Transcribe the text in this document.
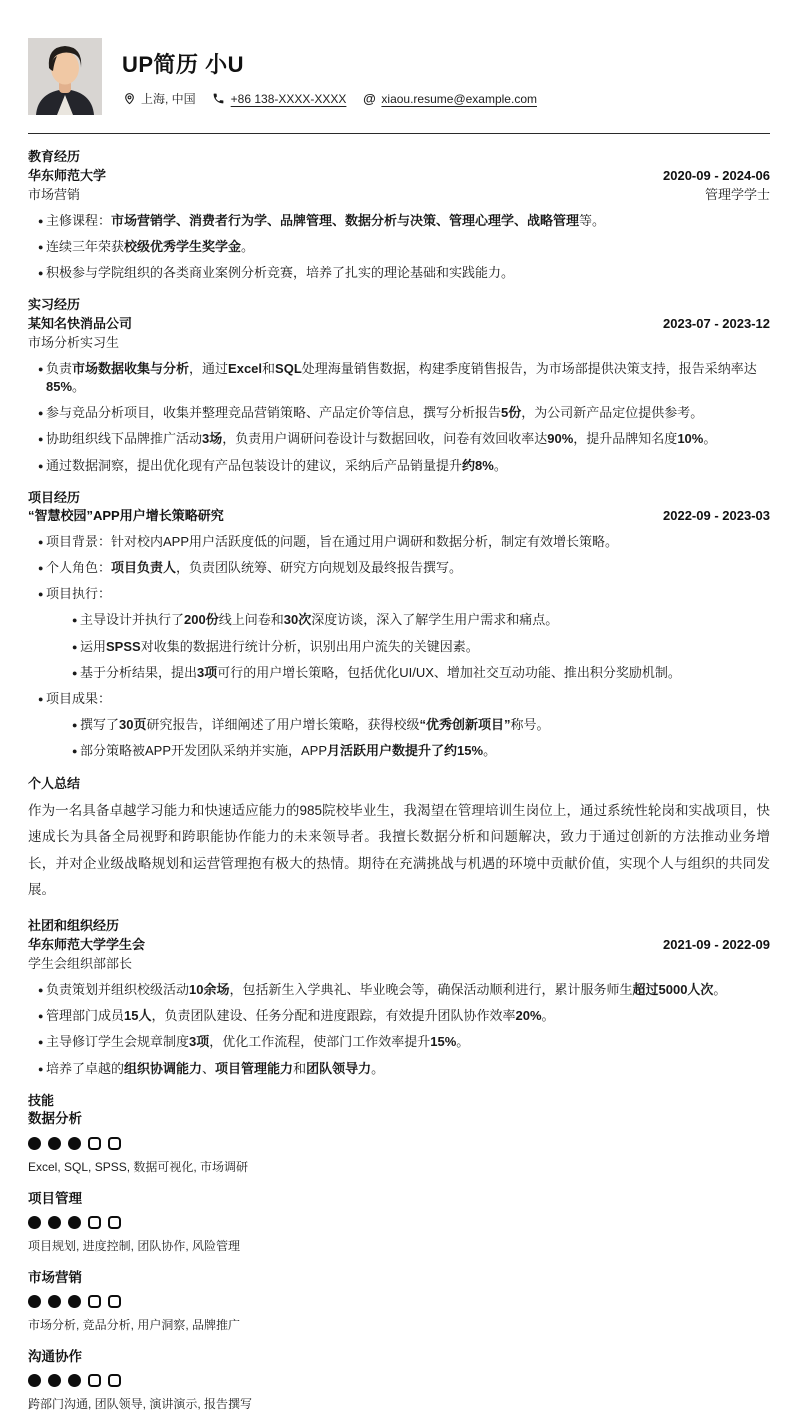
UP简历 小U
上海, 中国	+86 138-XXXX-XXXX @ xiaou.resume@example.com
教育经历
华东师范大学	2020-09 - 2024-06
市场营销	管理学学士
● 主修课程：市场营销学、消费者行为学、品牌管理、数据分析与决策、管理心理学、战略管理等。
● 连续三年荣获校级优秀学生奖学金。
● 积极参与学院组织的各类商业案例分析竞赛，培养了扎实的理论基础和实践能力。
实习经历
某知名快消品公司	2023-07 - 2023-12
市场分析实习生
● 负责市场数据收集与分析，通过Excel和SQL处理海量销售数据，构建季度销售报告，为市场部提供决策支持，报告采纳率达85%。
● 参与竞品分析项目，收集并整理竞品营销策略、产品定价等信息，撰写分析报告5份，为公司新产品定位提供参考。
● 协助组织线下品牌推广活动3场，负责用户调研问卷设计与数据回收，问卷有效回收率达90%，提升品牌知名度10%。
● 通过数据洞察，提出优化现有产品包装设计的建议，采纳后产品销量提升约8%。
项目经历
“智慧校园”APP用户增长策略研究	2022-09 - 2023-03
● 项目背景：针对校内APP用户活跃度低的问题，旨在通过用户调研和数据分析，制定有效增长策略。
● 个人角色：项目负责人，负责团队统筹、研究方向规划及最终报告撰写。
● 项目执行：
● 主导设计并执行了200份线上问卷和30次深度访谈，深入了解学生用户需求和痛点。
● 运用SPSS对收集的数据进行统计分析，识别出用户流失的关键因素。
● 基于分析结果，提出3项可行的用户增长策略，包括优化UI/UX、增加社交互动功能、推出积分奖励机制。
● 项目成果：
● 撰写了30页研究报告，详细阐述了用户增长策略，获得校级“优秀创新项目”称号。
● 部分策略被APP开发团队采纳并实施，APP月活跃用户数提升了约15%。
个人总结
作为一名具备卓越学习能力和快速适应能力的985院校毕业生，我渴望在管理培训生岗位上，通过系统性轮岗和实战项目，快速成长为具备全局视野和跨职能协作能力的未来领导者。我擅长数据分析和问题解决，致力于通过创新的方法推动业务增长，并对企业级战略规划和运营管理抱有极大的热情。期待在充满挑战与机遇的环境中贡献价值，实现个人与组织的共同发展。
社团和组织经历
华东师范大学学生会	2021-09 - 2022-09
学生会组织部部长
● 负责策划并组织校级活动10余场，包括新生入学典礼、毕业晚会等，确保活动顺利进行，累计服务师生超过5000人次。
● 管理部门成员15人，负责团队建设、任务分配和进度跟踪，有效提升团队协作效率20%。
● 主导修订学生会规章制度3项，优化工作流程，使部门工作效率提升15%。
● 培养了卓越的组织协调能力、项目管理能力和团队领导力。
技能
数据分析
Excel, SQL, SPSS, 数据可视化, 市场调研
项目管理
项目规划, 进度控制, 团队协作, 风险管理
市场营销
市场分析, 竞品分析, 用户洞察, 品牌推广
沟通协作
跨部门沟通, 团队领导, 演讲演示, 报告撰写
